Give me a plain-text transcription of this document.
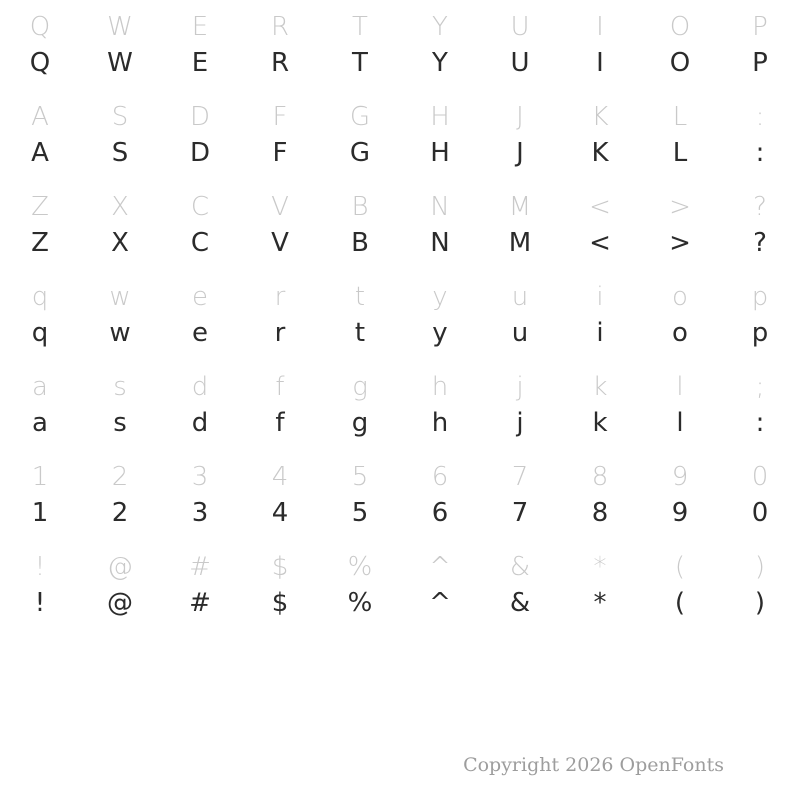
Q	W	E	R	T	Y	U	I	O	P
Q	W	E	R	T	Y	U	I	O	P
A	S	D	F	G	H	J	K	L	:
A	S	D	F	G	H	J	K	L	:
Z	X	C	V	B	N	M	<	>	?
Z	X	C	V	B	N	M	<	>	?
q	w	e	r	t	y	u	i	o	p
q	w	e	r	t	y	u	i	o	p
a	s	d	f	g	h	j	k	l	;
a	s	d	f	g	h	j	k	l	:
1	2	3	4	5	6	7	8	9	0
1	2	3	4	5	6	7	8	9	0
!	@	#	$	%	^	&	*	(	)
!	@	#	$	%	^	&	*	(	)
Copyright 2026 OpenFonts
